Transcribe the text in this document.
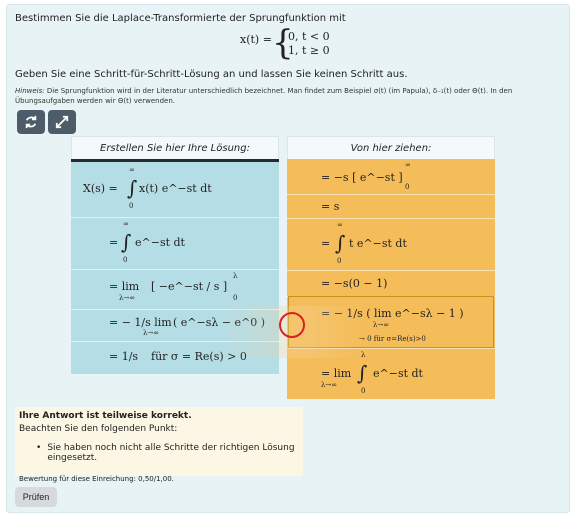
Bestimmen Sie die Laplace-Transformierte der Sprungfunktion mit
x(t) = {
0, t < 0
1, t ≥ 0
Geben Sie eine Schritt-für-Schritt-Lösung an und lassen Sie keinen Schritt aus.
Hinweis: Die Sprungfunktion wird in der Literatur unterschiedlich bezeichnet. Man findet zum Beispiel σ(t) (im Papula), δ₋₁(t) oder Θ(t). In den Übungsaufgaben werden wir Θ(t) verwenden.
Erstellen Sie hier Ihre Lösung:
X(s) = ∫
∞
0
x(t) e^−st dt
= ∫
∞
0
e^−st dt
= lim
λ→∞
[ −e^−st / s ]
λ
0
= − 1/s lim
λ→∞
( e^−sλ − e^0 )
= 1/s für σ = Re(s) > 0
Von hier ziehen:
= −s [ e^−st ]
∞
0
= s
= ∫
∞
0
t e^−st dt
= −s(0 − 1)
= − 1/s ( lim e^−sλ − 1 )
λ→∞
→ 0 für σ=Re(s)>0
= lim
λ→∞ ∫
λ
0
e^−st dt
Ihre Antwort ist teilweise korrekt.
Beachten Sie den folgenden Punkt:
• Sie haben noch nicht alle Schritte der richtigen Lösung eingesetzt.
Bewertung für diese Einreichung: 0,50/1,00.
Prüfen
